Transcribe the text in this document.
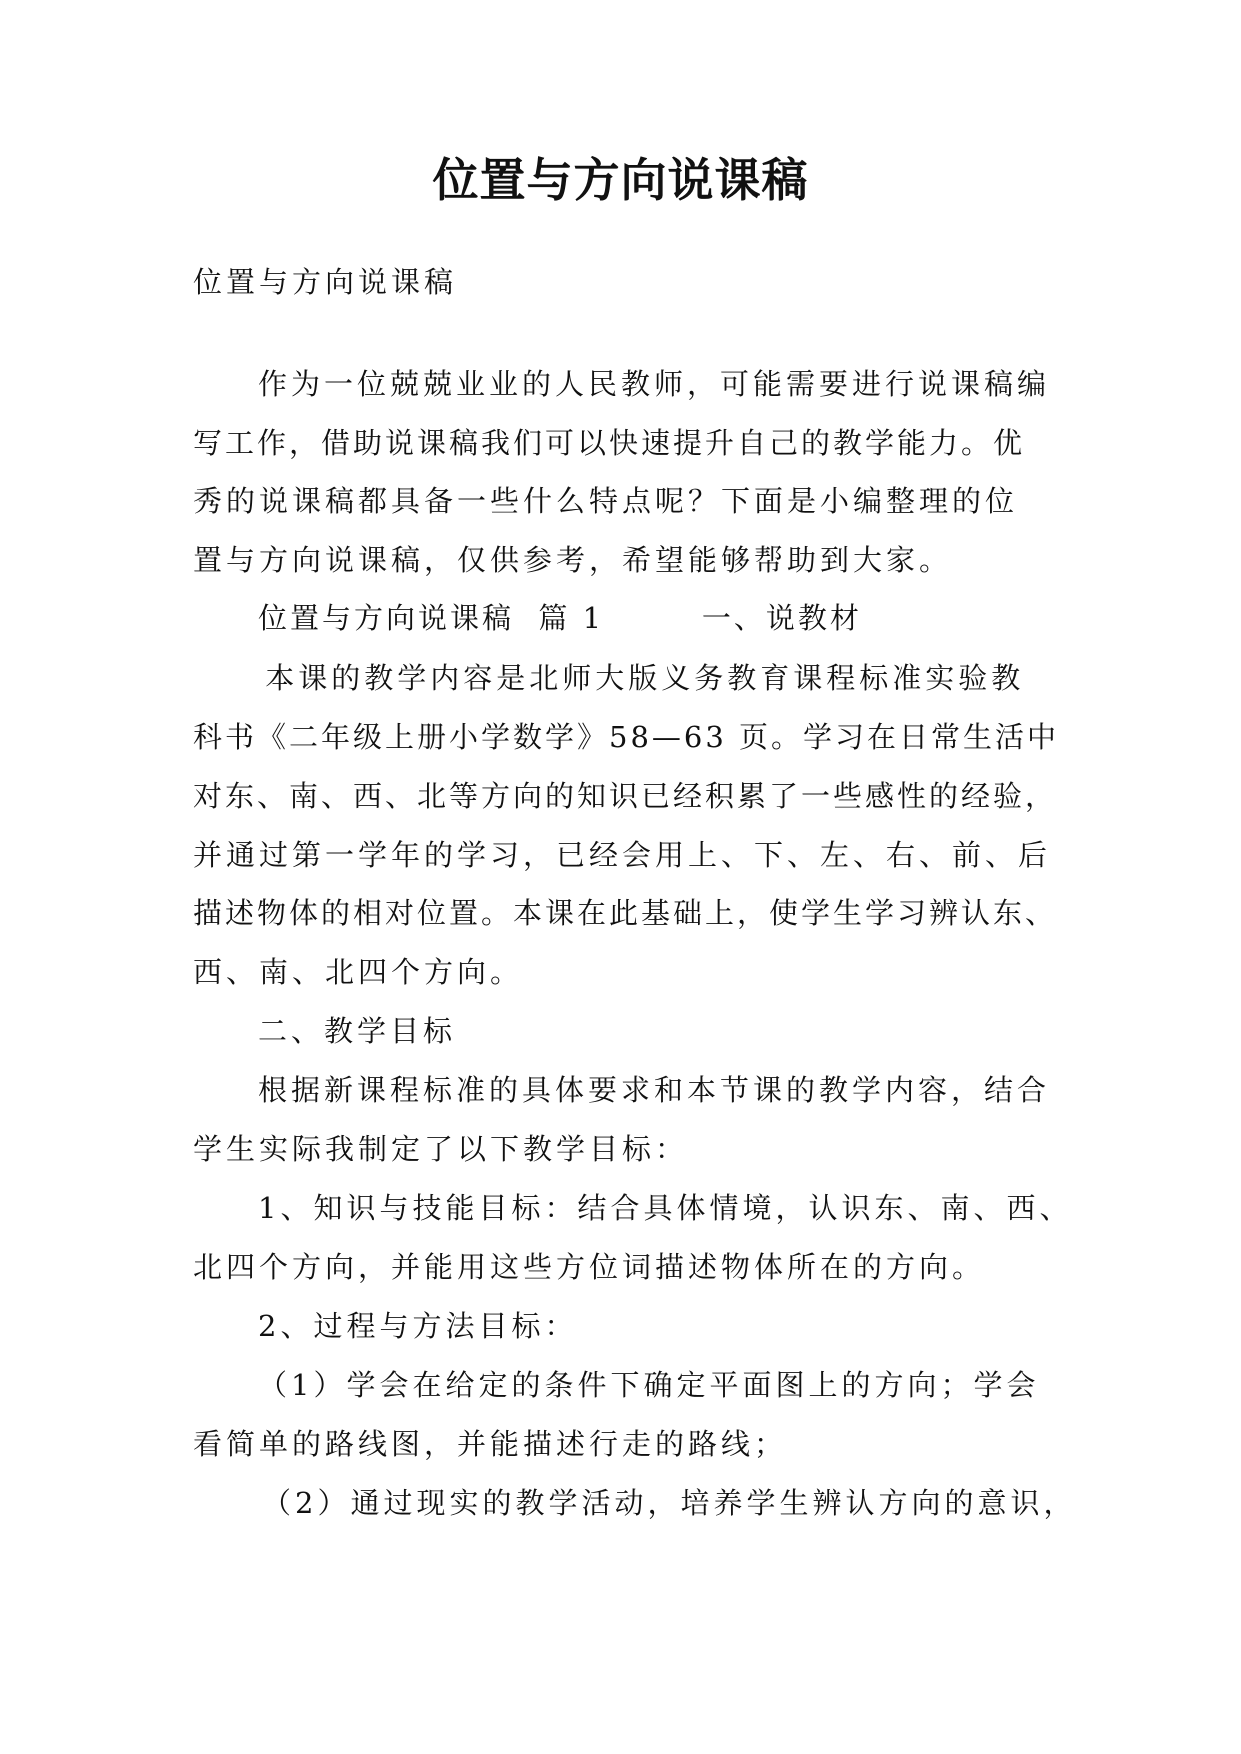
位置与方向说课稿

位置与方向说课稿

作为一位兢兢业业的人民教师，可能需要进行说课稿编

写工作，借助说课稿我们可以快速提升自己的教学能力。优

秀的说课稿都具备一些什么特点呢？下面是小编整理的位

置与方向说课稿，仅供参考，希望能够帮助到大家。

位置与方向说课稿  篇 1        一、说教材

本课的教学内容是北师大版义务教育课程标准实验教

科书《二年级上册小学数学》58—63 页。学习在日常生活中

对东、南、西、北等方向的知识已经积累了一些感性的经验，

并通过第一学年的学习，已经会用上、下、左、右、前、后

描述物体的相对位置。本课在此基础上，使学生学习辨认东、

西、南、北四个方向。

二、教学目标

根据新课程标准的具体要求和本节课的教学内容，结合

学生实际我制定了以下教学目标：

1、知识与技能目标：结合具体情境，认识东、南、西、

北四个方向，并能用这些方位词描述物体所在的方向。

2、过程与方法目标：

（1）学会在给定的条件下确定平面图上的方向；学会

看简单的路线图，并能描述行走的路线；

（2）通过现实的教学活动，培养学生辨认方向的意识，
